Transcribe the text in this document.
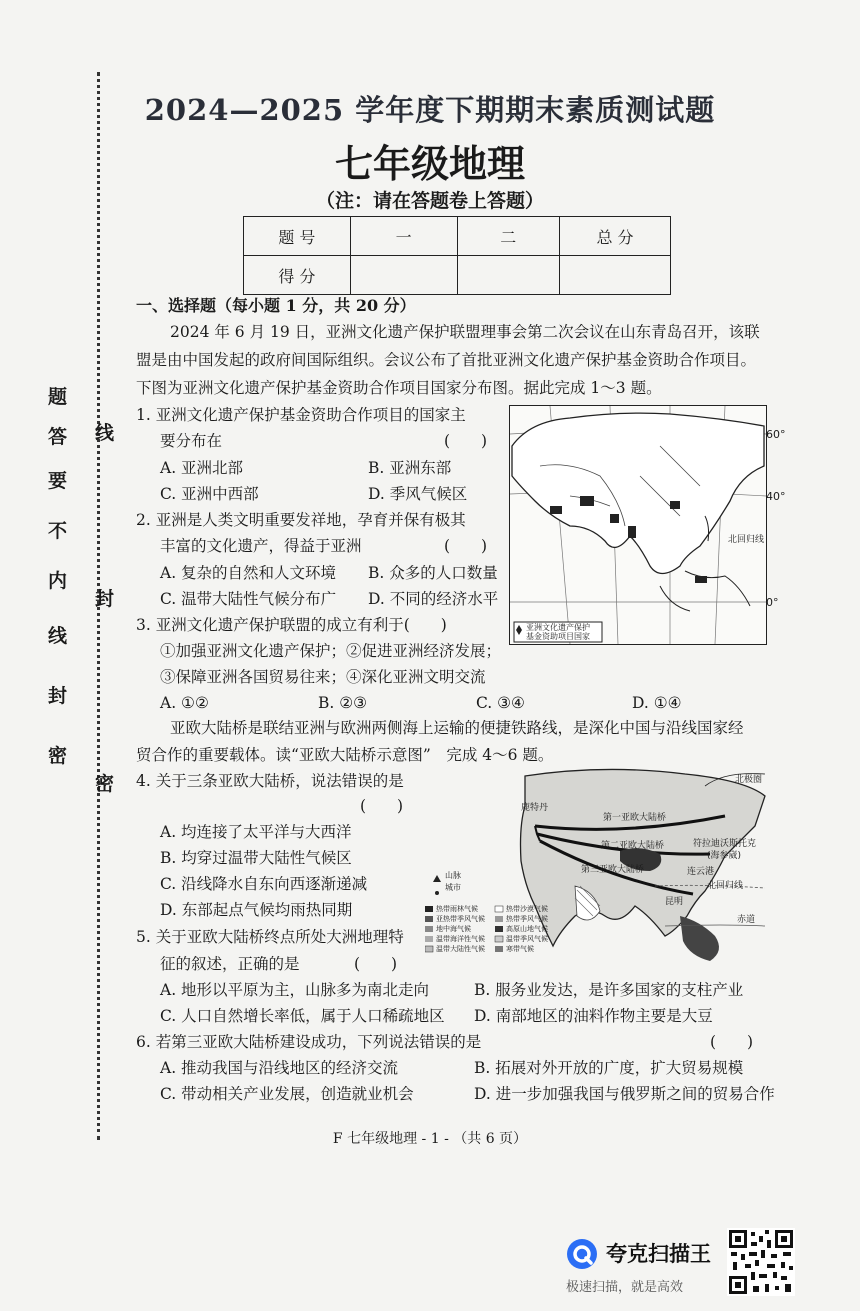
线
封
密
密
封
线
内
不
要
答
题
2024—2025 学年度下期期末素质测试题
七年级地理
（注：请在答题卷上答题）
题 号	一	二	总 分
得 分			
一、选择题（每小题 1 分，共 20 分）
2024 年 6 月 19 日，亚洲文化遗产保护联盟理事会第二次会议在山东青岛召开，该联
盟是由中国发起的政府间国际组织。会议公布了首批亚洲文化遗产保护基金资助合作项目。
下图为亚洲文化遗产保护基金资助合作项目国家分布图。据此完成 1～3 题。
1. 亚洲文化遗产保护基金资助合作项目的国家主
要分布在	(　　)
A. 亚洲北部	B. 亚洲东部
C. 亚洲中西部	D. 季风气候区
2. 亚洲是人类文明重要发祥地，孕育并保有极其
丰富的文化遗产，得益于亚洲	(　　)
A. 复杂的自然和人文环境 B. 众多的人口数量
C. 温带大陆性气候分布广 D. 不同的经济水平
3. 亚洲文化遗产保护联盟的成立有利于(　　)
①加强亚洲文化遗产保护；②促进亚洲经济发展；
③保障亚洲各国贸易往来；④深化亚洲文明交流
A. ①②	B. ②③	C. ③④	D. ①④
60°
40°
北回归线
0°
亚洲文化遗产保护
基金资助项目国家
亚欧大陆桥是联结亚洲与欧洲两侧海上运输的便捷铁路线，是深化中国与沿线国家经
贸合作的重要载体。读“亚欧大陆桥示意图”　完成 4～6 题。
4. 关于三条亚欧大陆桥，说法错误的是
(　　)
A. 均连接了太平洋与大西洋
B. 均穿过温带大陆性气候区
C. 沿线降水自东向西逐渐递减
D. 东部起点气候均雨热同期
北极圈
鹿特丹
第一亚欧大陆桥
第二亚欧大陆桥
第三亚欧大陆桥
符拉迪沃斯托克
(海参崴)
连云港
北回归线
昆明
赤道
山脉
城市
热带雨林气候
亚热带季风气候
地中海气候
温带海洋性气候
温带大陆性气候
热带沙漠气候
热带季风气候
高原山地气候
温带季风气候
寒带气候
5. 关于亚欧大陆桥终点所处大洲地理特
征的叙述，正确的是	(　　)
A. 地形以平原为主，山脉多为南北走向	B. 服务业发达，是许多国家的支柱产业
C. 人口自然增长率低，属于人口稀疏地区 D. 南部地区的油料作物主要是大豆
6. 若第三亚欧大陆桥建设成功，下列说法错误的是	(　　)
A. 推动我国与沿线地区的经济交流	B. 拓展对外开放的广度，扩大贸易规模
C. 带动相关产业发展，创造就业机会	D. 进一步加强我国与俄罗斯之间的贸易合作
F 七年级地理 - 1 - （共 6 页）
夸克扫描王
极速扫描，就是高效
